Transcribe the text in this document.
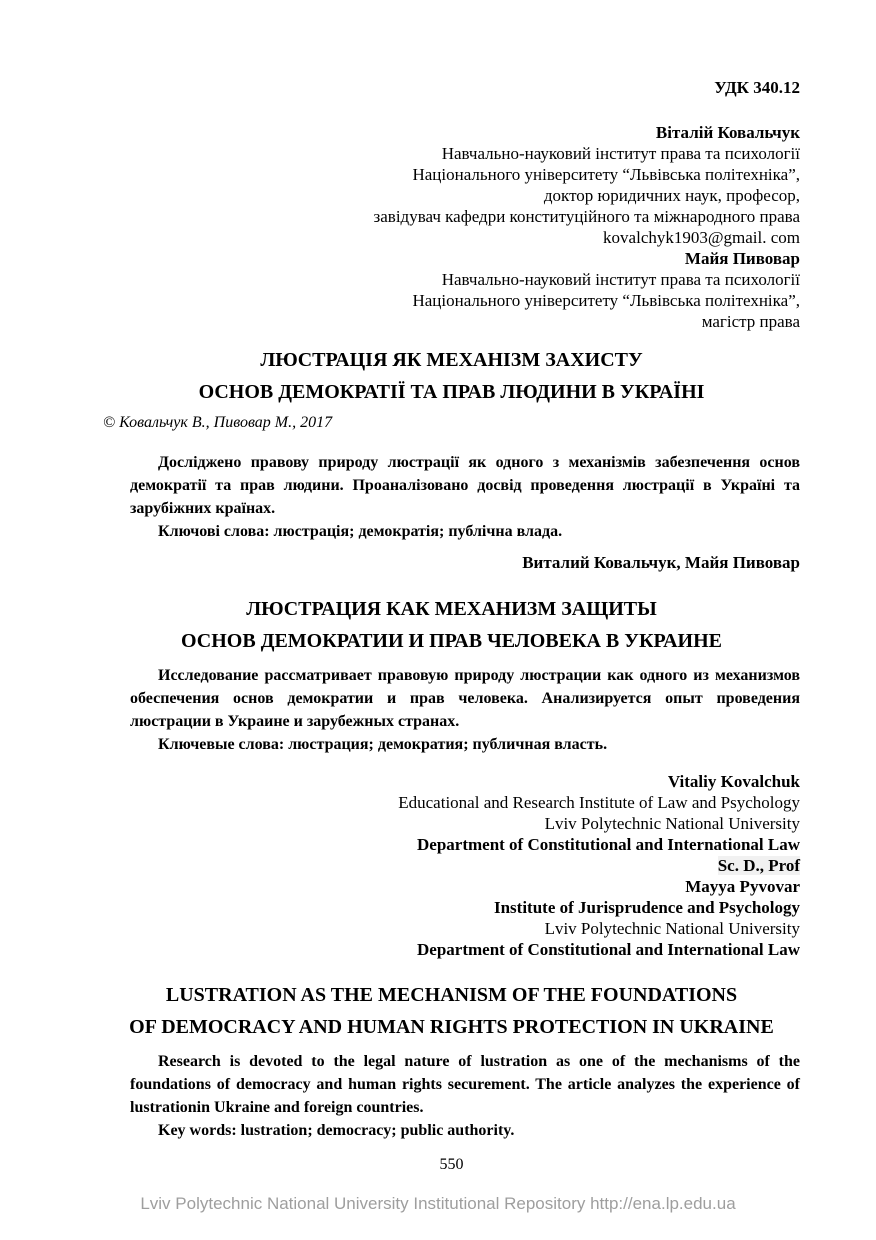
УДК 340.12
Віталій Ковальчук
Навчально-науковий інститут права та психології
Національного університету “Львівська політехніка”,
доктор юридичних наук, професор,
завідувач кафедри конституційного та міжнародного права
kovalchyk1903@gmail. com
Майя Пивовар
Навчально-науковий інститут права та психології
Національного університету “Львівська політехніка”,
магістр права
ЛЮСТРАЦІЯ ЯК МЕХАНІЗМ ЗАХИСТУ
ОСНОВ ДЕМОКРАТІЇ ТА ПРАВ ЛЮДИНИ В УКРАЇНІ
© Ковальчук В., Пивовар М., 2017

Досліджено правову природу люстрації як одного з механізмів забезпечення основ демократії та прав людини. Проаналізовано досвід проведення люстрації в Україні та зарубіжних країнах.

Ключові слова: люстрація; демократія; публічна влада.

Виталий Ковальчук, Майя Пивовар
ЛЮСТРАЦИЯ КАК МЕХАНИЗМ ЗАЩИТЫ
ОСНОВ ДЕМОКРАТИИ И ПРАВ ЧЕЛОВЕКА В УКРАИНЕ

Исследование рассматривает правовую природу люстрации как одного из механизмов обеспечения основ демократии и прав человека. Анализируется опыт проведения люстрации в Украине и зарубежных странах.

Ключевые слова: люстрация; демократия; публичная власть.

Vitaliy Kovalchuk
Educational and Research Institute of Law and Psychology
Lviv Polytechnic National University
Department of Constitutional and International Law
Sc. D., Prof
Mayya Pyvovar
Institute of Jurisprudence and Psychology
Lviv Polytechnic National University
Department of Constitutional and International Law
LUSTRATION AS THE MECHANISM OF THE FOUNDATIONS
OF DEMOCRACY AND HUMAN RIGHTS PROTECTION IN UKRAINE

Research is devoted to the legal nature of lustration as one of the mechanisms of the foundations of democracy and human rights securement. The article analyzes the experience of lustrationin Ukraine and foreign countries.

Key words: lustration; democracy; public authority.

550
Lviv Polytechnic National University Institutional Repository http://ena.lp.edu.ua
